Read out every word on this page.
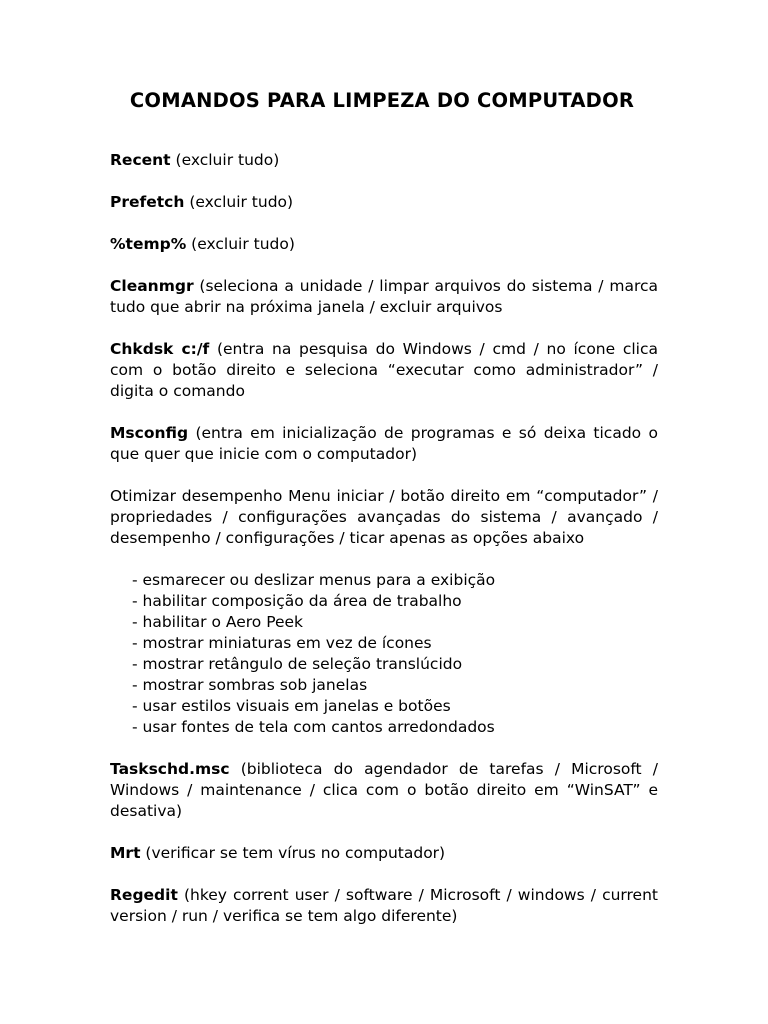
COMANDOS PARA LIMPEZA DO COMPUTADOR

Recent (excluir tudo)

Prefetch (excluir tudo)

%temp% (excluir tudo)

Cleanmgr (seleciona a unidade / limpar arquivos do sistema / marca tudo que abrir na próxima janela / excluir arquivos

Chkdsk c:/f (entra na pesquisa do Windows / cmd / no ícone clica com o botão direito e seleciona “executar como administrador” / digita o comando

Msconfig (entra em inicialização de programas e só deixa ticado o que quer que inicie com o computador)

Otimizar desempenho Menu iniciar / botão direito em “computador” / propriedades / configurações avançadas do sistema / avançado / desempenho / configurações / ticar apenas as opções abaixo

- esmarecer ou deslizar menus para a exibição
- habilitar composição da área de trabalho
- habilitar o Aero Peek
- mostrar miniaturas em vez de ícones
- mostrar retângulo de seleção translúcido
- mostrar sombras sob janelas
- usar estilos visuais em janelas e botões
- usar fontes de tela com cantos arredondados

Taskschd.msc (biblioteca do agendador de tarefas / Microsoft / Windows / maintenance / clica com o botão direito em “WinSAT” e desativa)

Mrt (verificar se tem vírus no computador)

Regedit (hkey corrent user / software / Microsoft / windows / current version / run / verifica se tem algo diferente)
